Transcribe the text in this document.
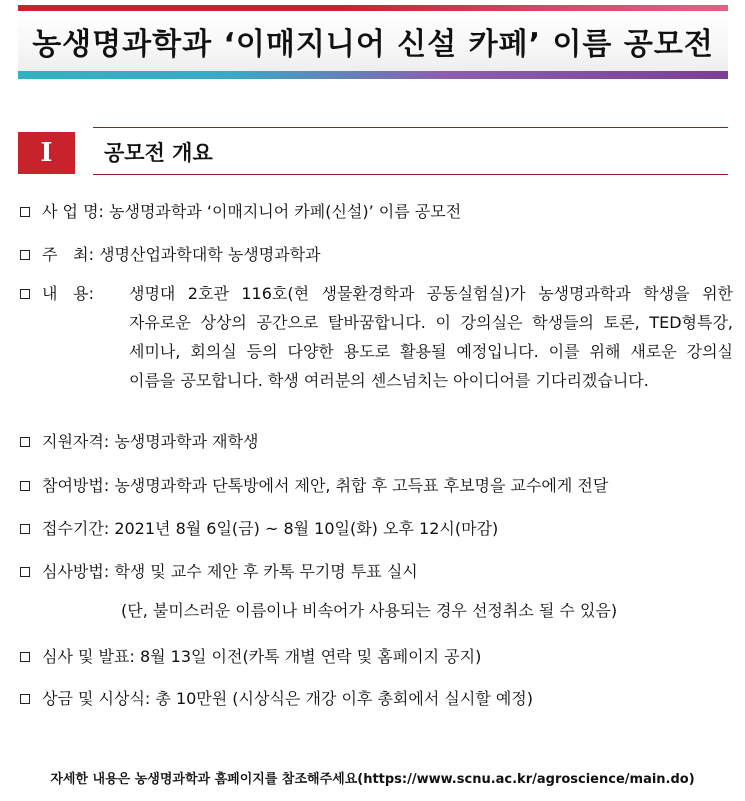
농생명과학과 ‘이매지니어 신설 카페’ 이름 공모전
I	공모전 개요
사 업 명: 농생명과학과 ‘이매지니어 카페(신설)’ 이름 공모전
주 최: 생명산업과학대학 농생명과학과
내 용:	생명대 2호관 116호(현 생물환경학과 공동실험실)가 농생명과학과 학생을 위한 자유로운 상상의 공간으로 탈바꿈합니다. 이 강의실은 학생들의 토론, TED형특강, 세미나, 회의실 등의 다양한 용도로 활용될 예정입니다. 이를 위해 새로운 강의실 이름을 공모합니다. 학생 여러분의 센스넘치는 아이디어를 기다리겠습니다.
지원자격: 농생명과학과 재학생
참여방법: 농생명과학과 단톡방에서 제안, 취합 후 고득표 후보명을 교수에게 전달
접수기간: 2021년 8월 6일(금) ~ 8월 10일(화) 오후 12시(마감)
심사방법: 학생 및 교수 제안 후 카톡 무기명 투표 실시
(단, 불미스러운 이름이나 비속어가 사용되는 경우 선정취소 될 수 있음)
심사 및 발표: 8월 13일 이전(카톡 개별 연락 및 홈페이지 공지)
상금 및 시상식: 총 10만원 (시상식은 개강 이후 총회에서 실시할 예정)
자세한 내용은 농생명과학과 홈페이지를 참조해주세요(https://www.scnu.ac.kr/agroscience/main.do)
